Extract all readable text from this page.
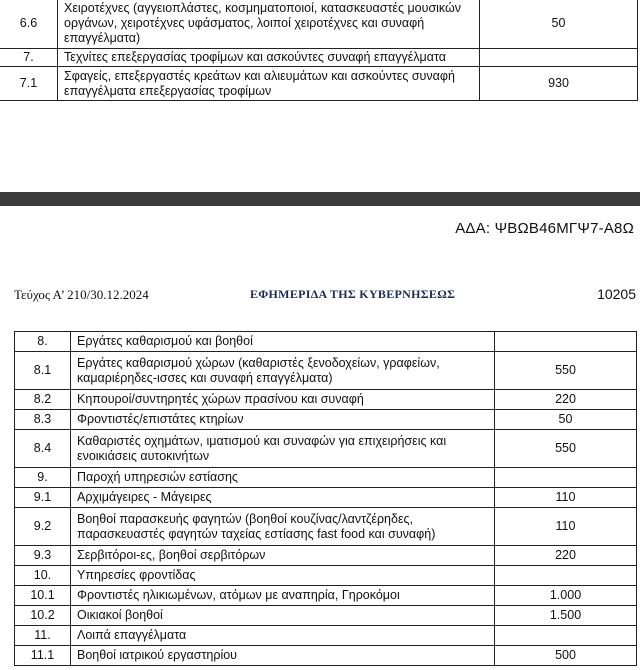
6.6	Χειροτέχνες (αγγειοπλάστες, κοσμηματοποιοί, κατασκευαστές μουσικών οργάνων, χειροτέχνες υφάσματος, λοιποί χειροτέχνες και συναφή επαγγέλματα)	50
7.	Τεχνίτες επεξεργασίας τροφίμων και ασκούντες συναφή επαγγέλματα	
7.1	Σφαγείς, επεξεργαστές κρεάτων και αλιευμάτων και ασκούντες συναφή επαγγέλματα επεξεργασίας τροφίμων	930
ΑΔΑ: ΨΒΩΒ46ΜΓΨ7-Α8Ω
Τεύχος Α’ 210/30.12.2024	ΕΦΗΜΕΡΙΔΑ ΤΗΣ ΚΥΒΕΡΝΗΣΕΩΣ	10205
8.	Εργάτες καθαρισμού και βοηθοί	
8.1	Εργάτες καθαρισμού χώρων (καθαριστές ξενοδοχείων, γραφείων, καμαριέρηδες-ισσες και συναφή επαγγέλματα)	550
8.2	Κηπουροί/συντηρητές χώρων πρασίνου και συναφή	220
8.3	Φροντιστές/επιστάτες κτηρίων	50
8.4	Καθαριστές οχημάτων, ιματισμού και συναφών για επιχειρήσεις και ενοικιάσεις αυτοκινήτων	550
9.	Παροχή υπηρεσιών εστίασης	
9.1	Αρχιμάγειρες - Μάγειρες	110
9.2	Βοηθοί παρασκευής φαγητών (βοηθοί κουζίνας/λαντζέρηδες, παρασκευαστές φαγητών ταχείας εστίασης fast food και συναφή)	110
9.3	Σερβιτόροι-ες, βοηθοί σερβιτόρων	220
10.	Υπηρεσίες φροντίδας	
10.1	Φροντιστές ηλικιωμένων, ατόμων με αναπηρία, Γηροκόμοι	1.000
10.2	Οικιακοί βοηθοί	1.500
11.	Λοιπά επαγγέλματα	
11.1	Βοηθοί ιατρικού εργαστηρίου	500
